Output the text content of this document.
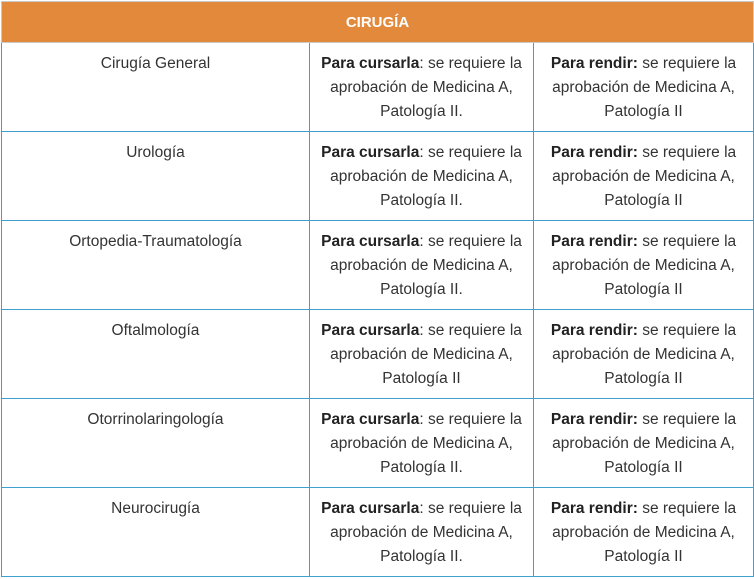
CIRUGÍA		
Cirugía General	Para cursarla: se requiere la aprobación de Medicina A, Patología II.	Para rendir: se requiere la aprobación de Medicina A, Patología II
Urología	Para cursarla: se requiere la aprobación de Medicina A, Patología II.	Para rendir: se requiere la aprobación de Medicina A, Patología II
Ortopedia-Traumatología	Para cursarla: se requiere la aprobación de Medicina A, Patología II.	Para rendir: se requiere la aprobación de Medicina A, Patología II
Oftalmología	Para cursarla: se requiere la aprobación de Medicina A, Patología II	Para rendir: se requiere la aprobación de Medicina A, Patología II
Otorrinolaringología	Para cursarla: se requiere la aprobación de Medicina A, Patología II.	Para rendir: se requiere la aprobación de Medicina A, Patología II
Neurocirugía	Para cursarla: se requiere la aprobación de Medicina A, Patología II.	Para rendir: se requiere la aprobación de Medicina A, Patología II
